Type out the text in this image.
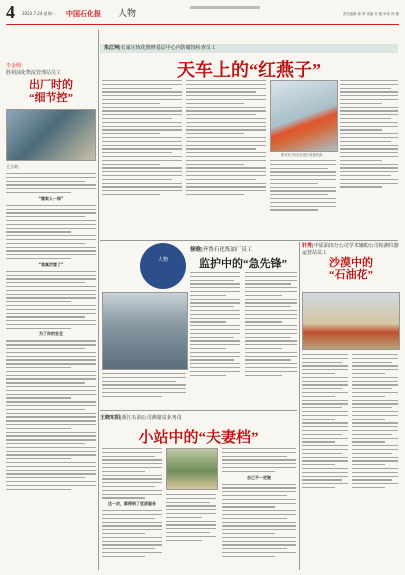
4 2023.7.24 星期一 中国石化报 人物	责任编辑 徐 李 美编 苏 雅 审读 徐 雅
李金刚：
胜利油化物流管理站员工
出厂时的
“细节控”
王立筑
“像家人一样”
“我真厉害了”
为了你的安全
朱江珂|石家庄炼化维修基层中心内防腐蚀检查员工
天车上的“红燕子”
图为朱江珂正在进行设备检查。
人物
徐晗|齐鲁石化炼油厂员工
监护中的“急先锋”
轩秀|中原油田分公司学术辅助公司检测仪器运营站员工
沙漠中的
“石油花”
王晓东阳|浙江石油公司测量站业务员
小站中的“夫妻档”
这一次，都得到了优质服务
自己不一定做
